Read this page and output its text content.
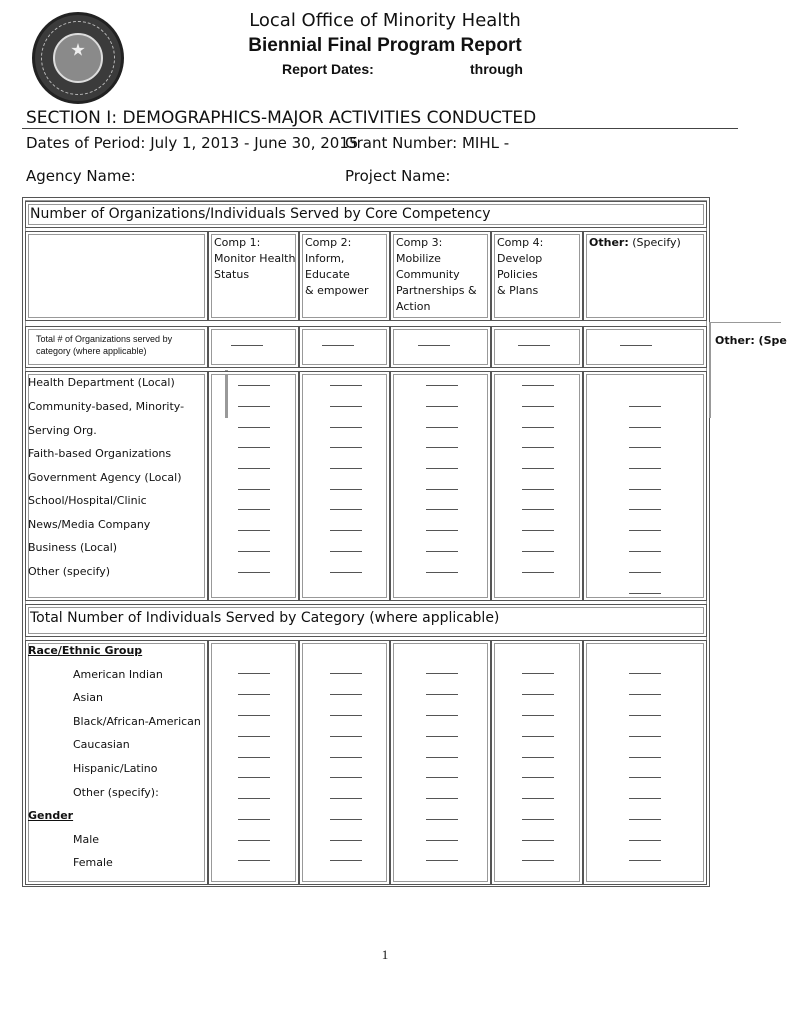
Local Office of Minority Health
Biennial Final Program Report
Report Dates:	through
SECTION I: DEMOGRAPHICS-MAJOR ACTIVITIES CONDUCTED
Dates of Period: July 1, 2013 - June 30, 2015
Grant Number: MIHL -
Agency Name:	Project Name:
Number of Organizations/Individuals Served by Core Competency
Comp 1:
Monitor Health
Status
Comp 2:
Inform, Educate
& empower
Comp 3:
Mobilize
Community
Partnerships &
Action
Comp 4:
Develop Policies
& Plans
Other: (Specify)
Total # of Organizations served by
category (where applicable)
Other: (Spe
Health Department (Local)
Community-based, Minority-
Serving Org.
Faith-based Organizations
Government Agency (Local)
School/Hospital/Clinic
News/Media Company
Business (Local)
Other (specify)
Total Number of Individuals Served by Category (where applicable)
Race/Ethnic Group
American Indian
Asian
Black/African-American
Caucasian
Hispanic/Latino
Other (specify):
Gender
Male
Female
1
